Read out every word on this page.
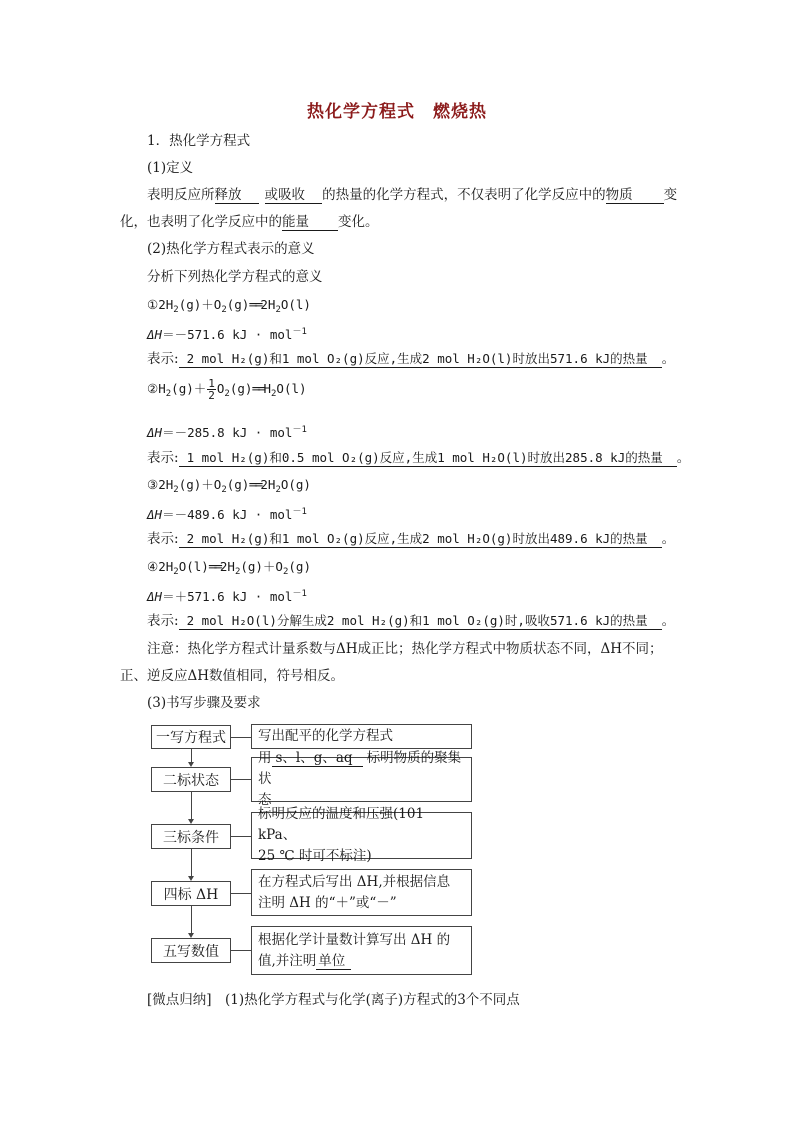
热化学方程式　燃烧热
1．热化学方程式
(1)定义
表明反应所释放 或吸收 的热量的化学方程式，不仅表明了化学反应中的物质 变
化，也表明了化学反应中的能量 变化。
(2)热化学方程式表示的意义
分析下列热化学方程式的意义
$①2H_2(g)+O_2(g)══2H_2O(l)$
ΔH＝－571.6 kJ · mol$^{-1}$
表示: 2 mol H₂(g)和1 mol O₂(g)反应,生成2 mol H₂O(l)时放出571.6 kJ的热量 。
$②H_2(g)+ \frac{1}{2}$ $O_2(g)══H_2O(l)$
ΔH＝－285.8 kJ · mol$^{-1}$
表示: 1 mol H₂(g)和0.5 mol O₂(g)反应,生成1 mol H₂O(l)时放出285.8 kJ的热量 。
$③2H_2(g)+O_2(g)══2H_2O(g)$
ΔH＝－489.6 kJ · mol$^{-1}$
表示: 2 mol H₂(g)和1 mol O₂(g)反应,生成2 mol H₂O(g)时放出489.6 kJ的热量 。
$④2H_2O(l)══2H_2(g)+O_2(g)$
ΔH＝＋571.6 kJ · mol$^{-1}$
表示: 2 mol H₂O(l)分解生成2 mol H₂(g)和1 mol O₂(g)时,吸收571.6 kJ的热量 。
注意：热化学方程式计量系数与ΔH成正比；热化学方程式中物质状态不同，ΔH不同；
正、逆反应ΔH数值相同，符号相反。
(3)书写步骤及要求
一写方程式	写出配平的化学方程式
二标状态
用 s、l、g、aq 标明物质的聚集状
态
三标条件
标明反应的温度和压强(101 kPa、
25 ℃ 时可不标注)
四标 ΔH
在方程式后写出 ΔH,并根据信息
注明 ΔH 的“＋”或“－”
五写数值
根据化学计量数计算写出 ΔH 的
值,并注明 单位
[微点归纳]　(1)热化学方程式与化学(离子)方程式的3个不同点
